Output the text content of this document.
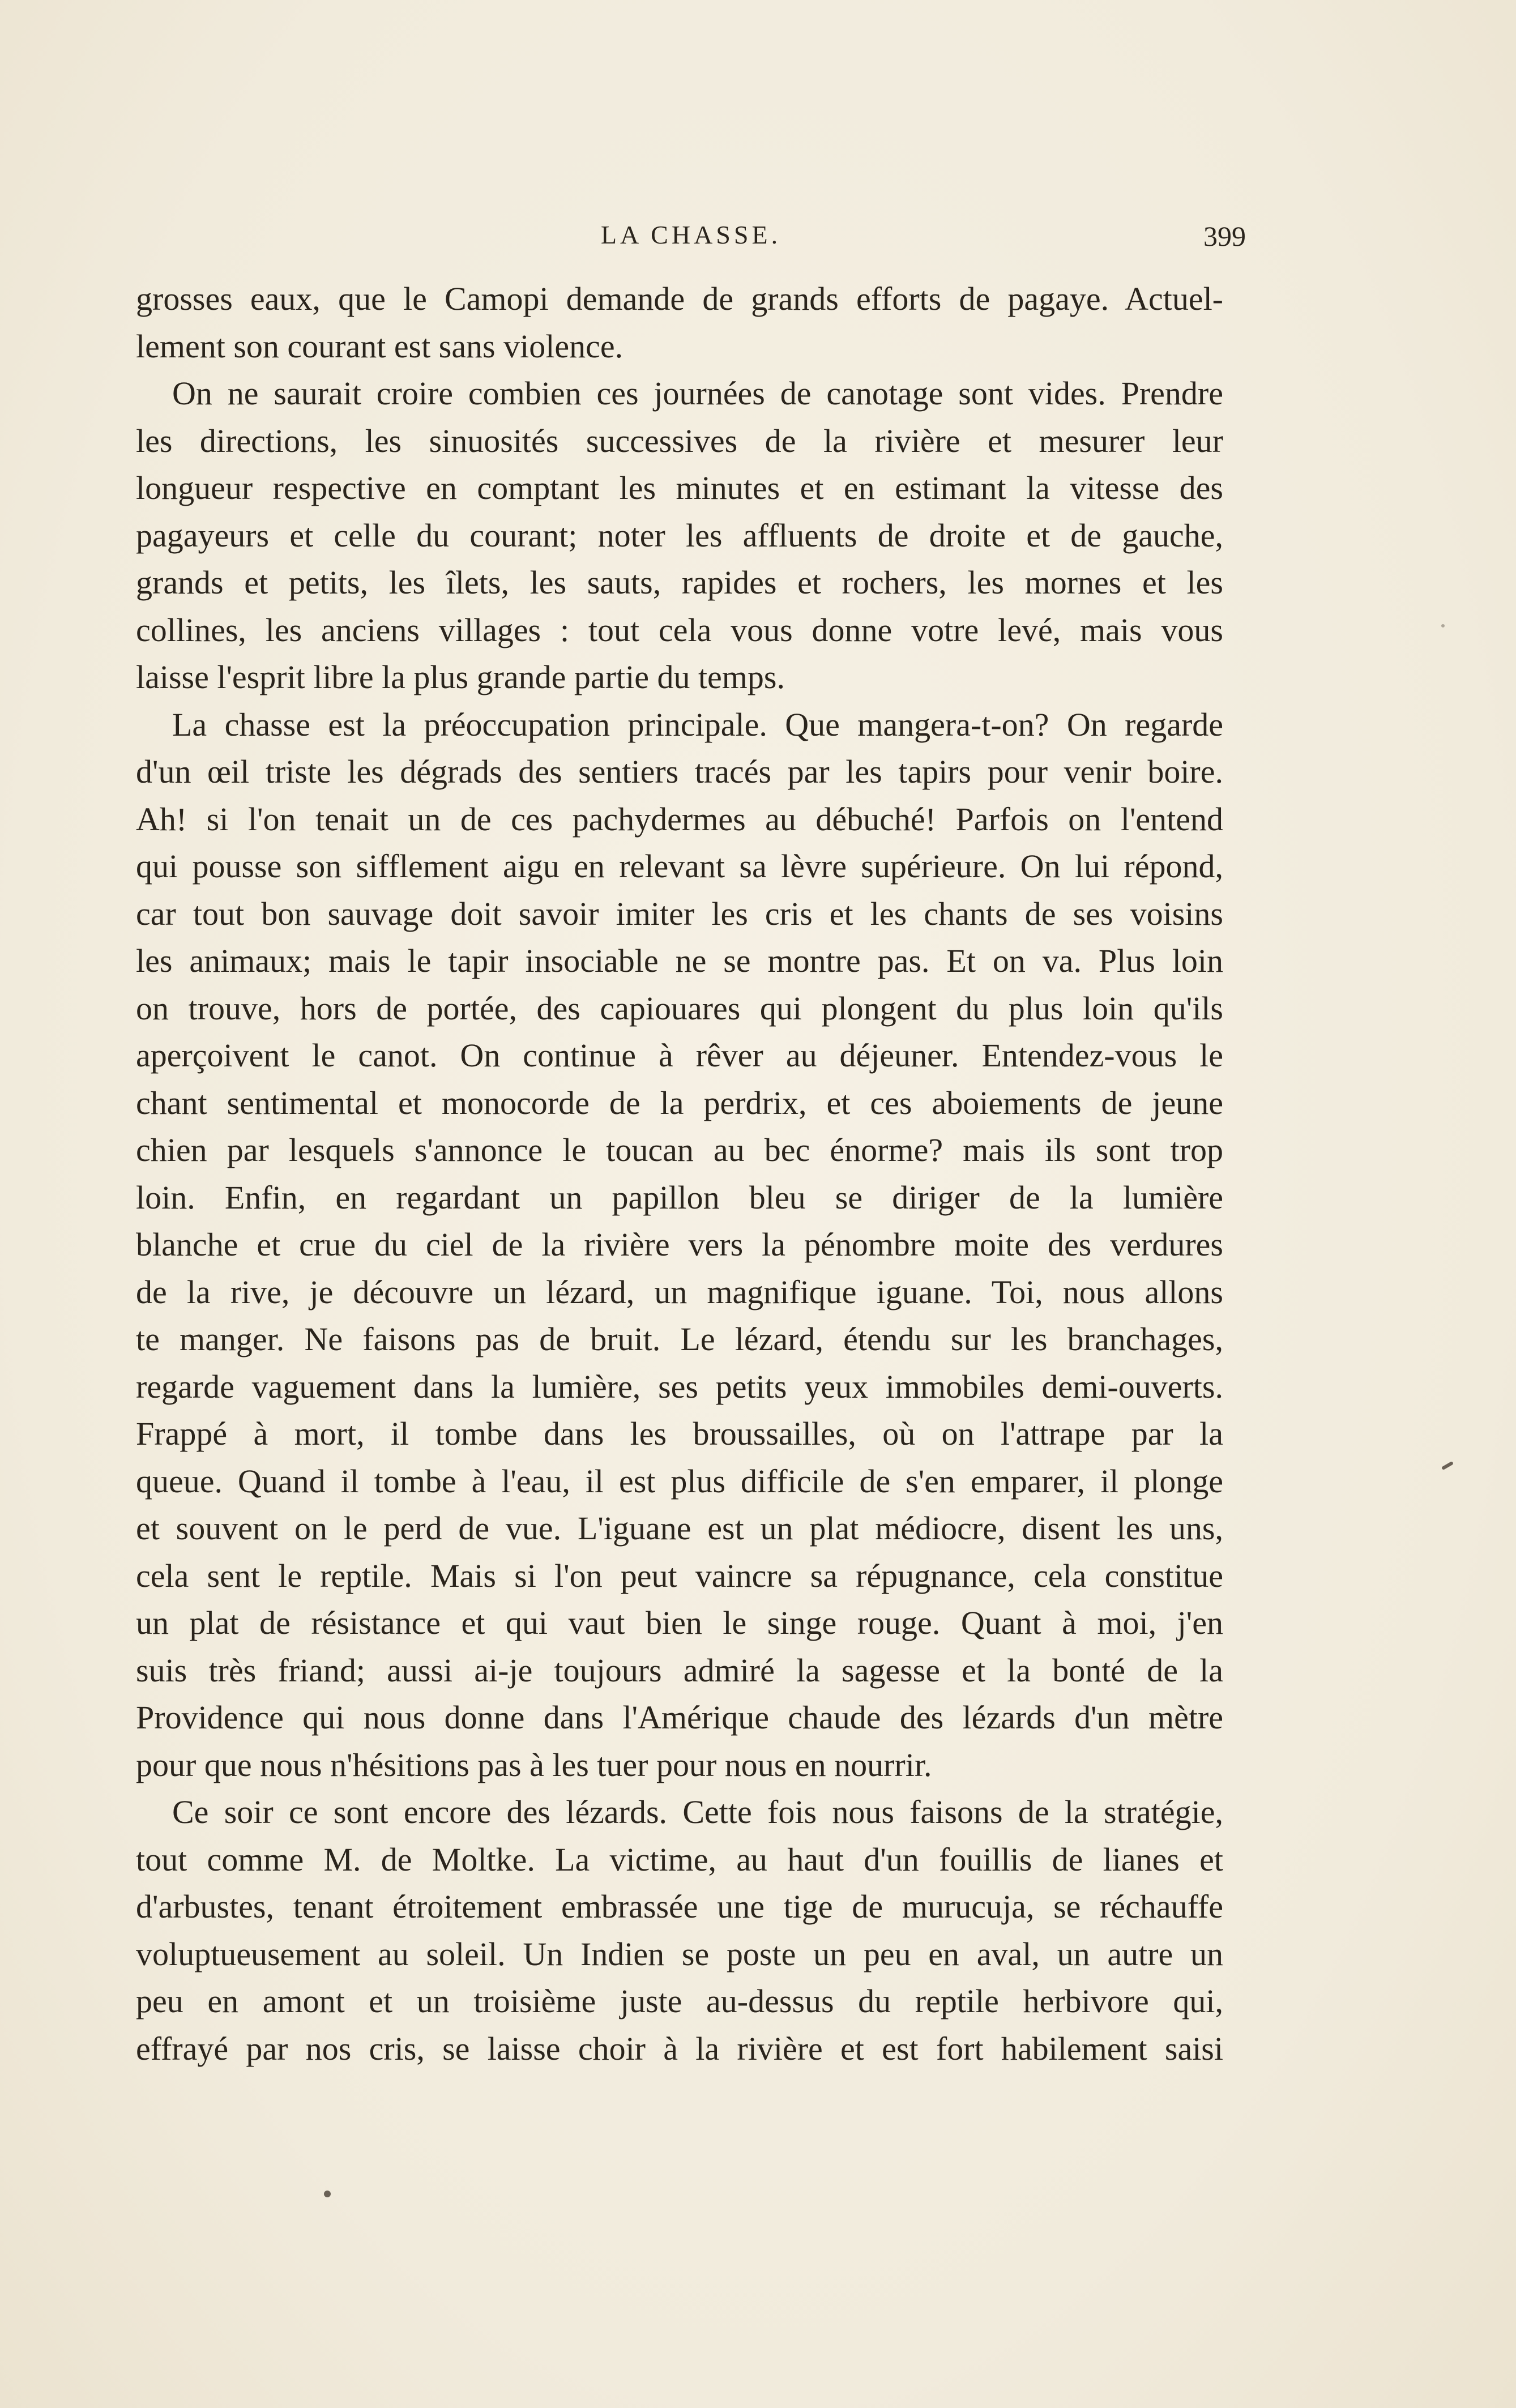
LA CHASSE.	399
grosses eaux, que le Camopi demande de grands efforts de pagaye. Actuel-
lement son courant est sans violence.
On ne saurait croire combien ces journées de canotage sont vides. Prendre
les directions, les sinuosités successives de la rivière et mesurer leur
longueur respective en comptant les minutes et en estimant la vitesse des
pagayeurs et celle du courant; noter les affluents de droite et de gauche,
grands et petits, les îlets, les sauts, rapides et rochers, les mornes et les
collines, les anciens villages : tout cela vous donne votre levé, mais vous
laisse l'esprit libre la plus grande partie du temps.
La chasse est la préoccupation principale. Que mangera-t-on? On regarde
d'un œil triste les dégrads des sentiers tracés par les tapirs pour venir boire.
Ah! si l'on tenait un de ces pachydermes au débuché! Parfois on l'entend
qui pousse son sifflement aigu en relevant sa lèvre supérieure. On lui répond,
car tout bon sauvage doit savoir imiter les cris et les chants de ses voisins
les animaux; mais le tapir insociable ne se montre pas. Et on va. Plus loin
on trouve, hors de portée, des capiouares qui plongent du plus loin qu'ils
aperçoivent le canot. On continue à rêver au déjeuner. Entendez-vous le
chant sentimental et monocorde de la perdrix, et ces aboiements de jeune
chien par lesquels s'annonce le toucan au bec énorme? mais ils sont trop
loin. Enfin, en regardant un papillon bleu se diriger de la lumière
blanche et crue du ciel de la rivière vers la pénombre moite des verdures
de la rive, je découvre un lézard, un magnifique iguane. Toi, nous allons
te manger. Ne faisons pas de bruit. Le lézard, étendu sur les branchages,
regarde vaguement dans la lumière, ses petits yeux immobiles demi-ouverts.
Frappé à mort, il tombe dans les broussailles, où on l'attrape par la
queue. Quand il tombe à l'eau, il est plus difficile de s'en emparer, il plonge
et souvent on le perd de vue. L'iguane est un plat médiocre, disent les uns,
cela sent le reptile. Mais si l'on peut vaincre sa répugnance, cela constitue
un plat de résistance et qui vaut bien le singe rouge. Quant à moi, j'en
suis très friand; aussi ai-je toujours admiré la sagesse et la bonté de la
Providence qui nous donne dans l'Amérique chaude des lézards d'un mètre
pour que nous n'hésitions pas à les tuer pour nous en nourrir.
Ce soir ce sont encore des lézards. Cette fois nous faisons de la stratégie,
tout comme M. de Moltke. La victime, au haut d'un fouillis de lianes et
d'arbustes, tenant étroitement embrassée une tige de murucuja, se réchauffe
voluptueusement au soleil. Un Indien se poste un peu en aval, un autre un
peu en amont et un troisième juste au-dessus du reptile herbivore qui,
effrayé par nos cris, se laisse choir à la rivière et est fort habilement saisi
